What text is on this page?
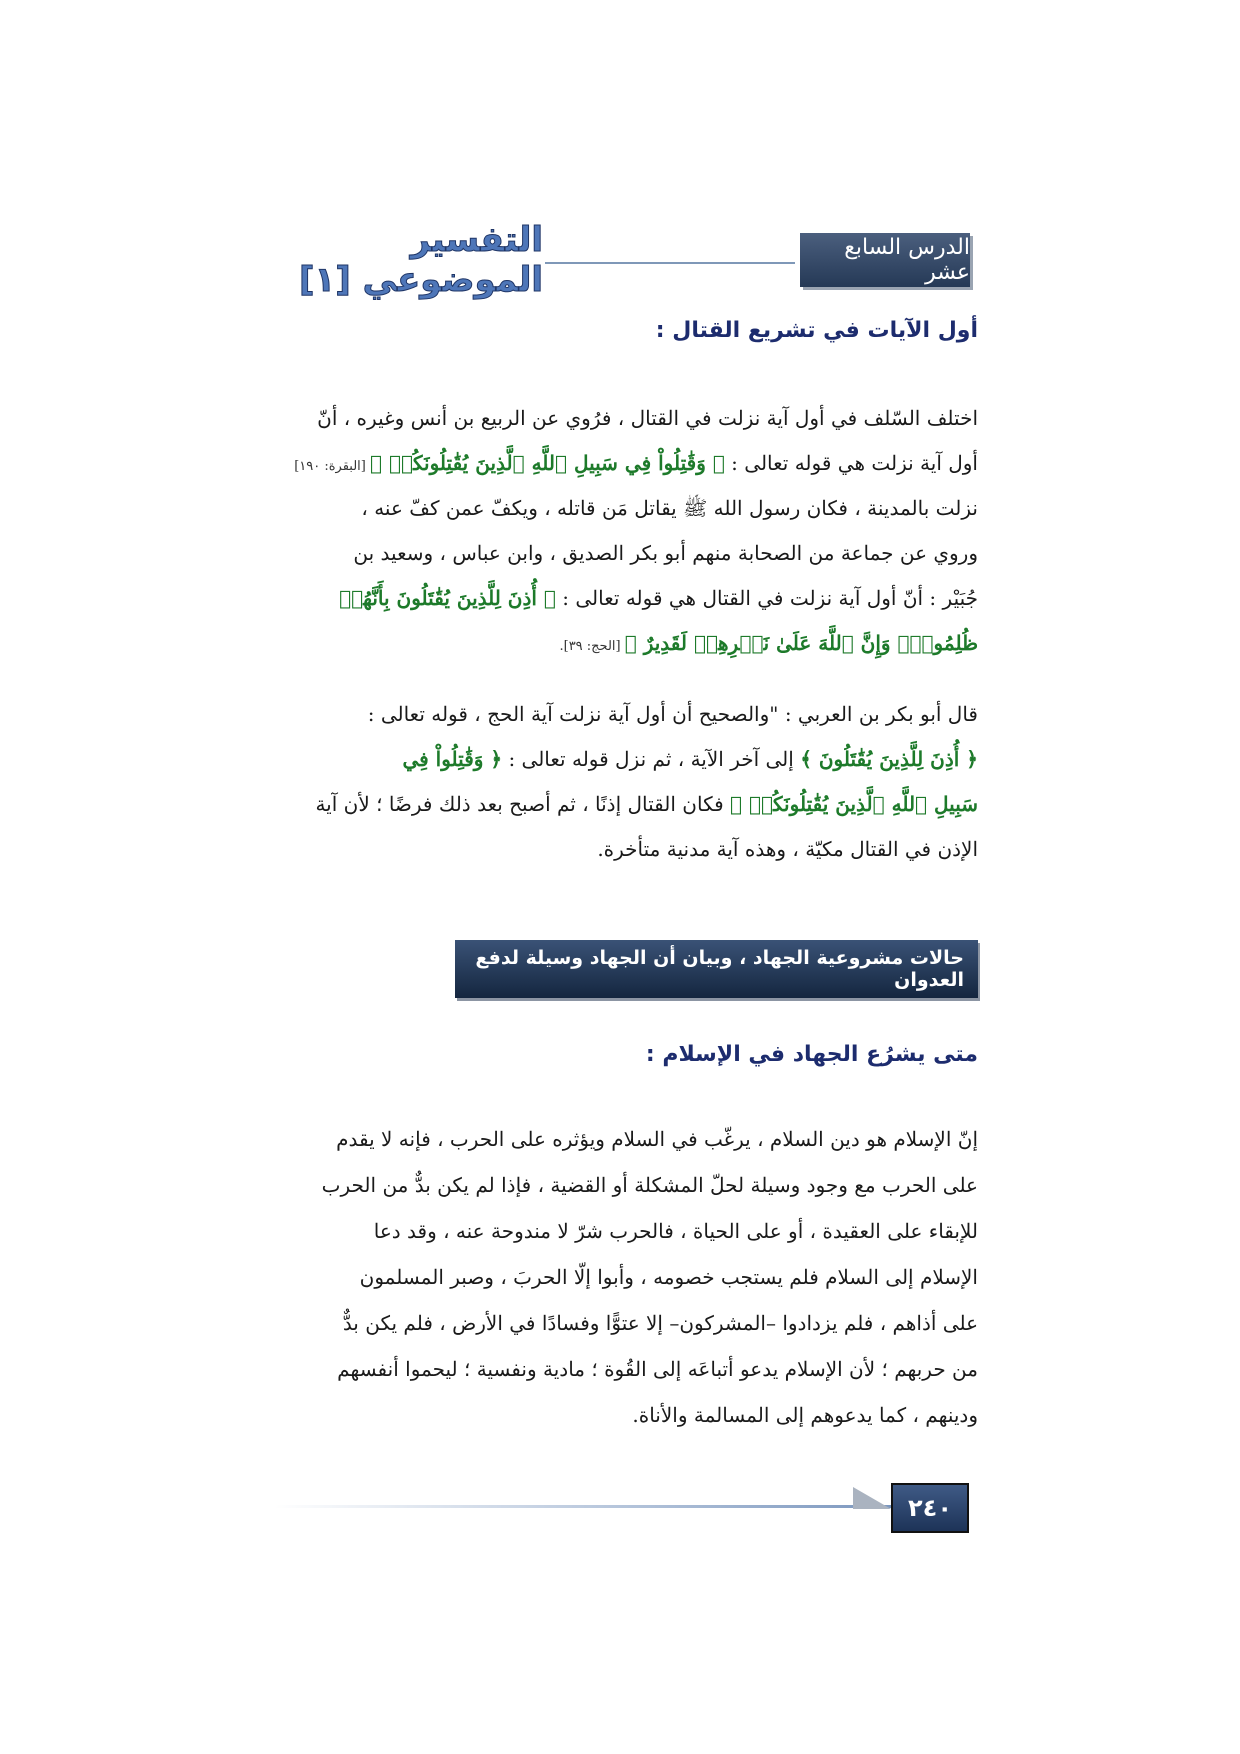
الدرس السابع عشر
التفسير الموضوعي [١]
أول الآيات في تشريع القتال :
اختلف السّلف في أول آية نزلت في القتال ، فرُوي عن الربيع بن أنس وغيره ، أنّ
أول آية نزلت هي قوله تعالى : ﴿ وَقَٰتِلُواْ فِي سَبِيلِ ٱللَّهِ ٱلَّذِينَ يُقَٰتِلُونَكُمۡ ﴾ [البقرة: ١٩٠]
نزلت بالمدينة ، فكان رسول الله ﷺ يقاتل مَن قاتله ، ويكفّ عمن كفّ عنه ،
وروي عن جماعة من الصحابة منهم أبو بكر الصديق ، وابن عباس ، وسعيد بن
جُبَيْر : أنّ أول آية نزلت في القتال هي قوله تعالى : ﴿ أُذِنَ لِلَّذِينَ يُقَٰتَلُونَ بِأَنَّهُمۡ
ظُلِمُواْۚ وَإِنَّ ٱللَّهَ عَلَىٰ نَصۡرِهِمۡ لَقَدِيرٌ ﴾ [الحج: ٣٩].
قال أبو بكر بن العربي : "والصحيح أن أول آية نزلت آية الحج ، قوله تعالى :
﴿ أُذِنَ لِلَّذِينَ يُقَٰتَلُونَ ﴾ إلى آخر الآية ، ثم نزل قوله تعالى : ﴿ وَقَٰتِلُواْ فِي
سَبِيلِ ٱللَّهِ ٱلَّذِينَ يُقَٰتِلُونَكُمۡ ﴾ فكان القتال إذنًا ، ثم أصبح بعد ذلك فرضًا ؛ لأن آية
الإذن في القتال مكيّة ، وهذه آية مدنية متأخرة.
حالات مشروعية الجهاد ، وبيان أن الجهاد وسيلة لدفع العدوان
متى يشرُع الجهاد في الإسلام :
إنّ الإسلام هو دين السلام ، يرغّب في السلام ويؤثره على الحرب ، فإنه لا يقدم
على الحرب مع وجود وسيلة لحلّ المشكلة أو القضية ، فإذا لم يكن بدٌّ من الحرب
للإبقاء على العقيدة ، أو على الحياة ، فالحرب شرّ لا مندوحة عنه ، وقد دعا
الإسلام إلى السلام فلم يستجب خصومه ، وأبوا إلّا الحربَ ، وصبر المسلمون
على أذاهم ، فلم يزدادوا –المشركون– إلا عتوًّا وفسادًا في الأرض ، فلم يكن بدٌّ
من حربهم ؛ لأن الإسلام يدعو أتباعَه إلى القُوة ؛ مادية ونفسية ؛ ليحموا أنفسهم
ودينهم ، كما يدعوهم إلى المسالمة والأناة.
٢٤٠
